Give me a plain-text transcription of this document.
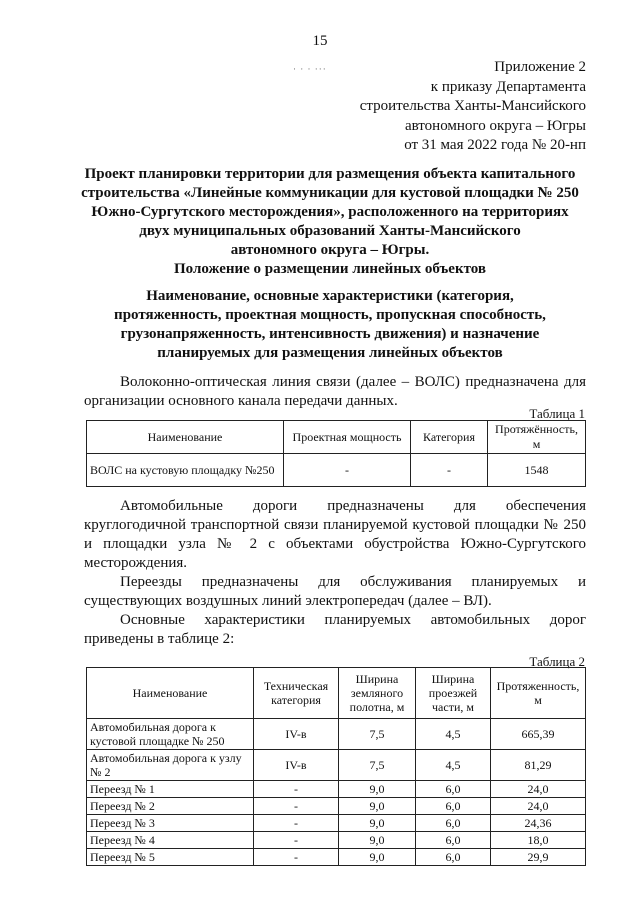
15
· · · ···	Приложение 2
к приказу Департамента
строительства Ханты-Мансийского
автономного округа – Югры
от 31 мая 2022 года № 20-нп
Проект планировки территории для размещения объекта капитального
строительства «Линейные коммуникации для кустовой площадки № 250
Южно-Сургутского месторождения», расположенного на территориях
двух муниципальных образований Ханты-Мансийского
автономного округа – Югры.
Положение о размещении линейных объектов
Наименование, основные характеристики (категория,
протяженность, проектная мощность, пропускная способность,
грузонапряженность, интенсивность движения) и назначение
планируемых для размещения линейных объектов

Волоконно-оптическая линия связи (далее – ВОЛС) предназначена для организации основного канала передачи данных.

Таблица 1
Наименование	Проектная мощность	Категория	Протяжённость, м
ВОЛС на кустовую площадку №250	-	-	1548

Автомобильные дороги предназначены для обеспечения круглогодичной транспортной связи планируемой кустовой площадки № 250 и площадки узла № 2 с объектами обустройства Южно-Сургутского месторождения.

Переезды предназначены для обслуживания планируемых и существующих воздушных линий электропередач (далее – ВЛ).

Основные характеристики планируемых автомобильных дорог приведены в таблице 2:

Таблица 2
Наименование	Техническая категория	Ширина земляного полотна, м	Ширина проезжей части, м	Протяженность, м
Автомобильная дорога к кустовой площадке № 250	IV-в	7,5	4,5	665,39
Автомобильная дорога к узлу № 2	IV-в	7,5	4,5	81,29
Переезд № 1	-	9,0	6,0	24,0
Переезд № 2	-	9,0	6,0	24,0
Переезд № 3	-	9,0	6,0	24,36
Переезд № 4	-	9,0	6,0	18,0
Переезд № 5	-	9,0	6,0	29,9
